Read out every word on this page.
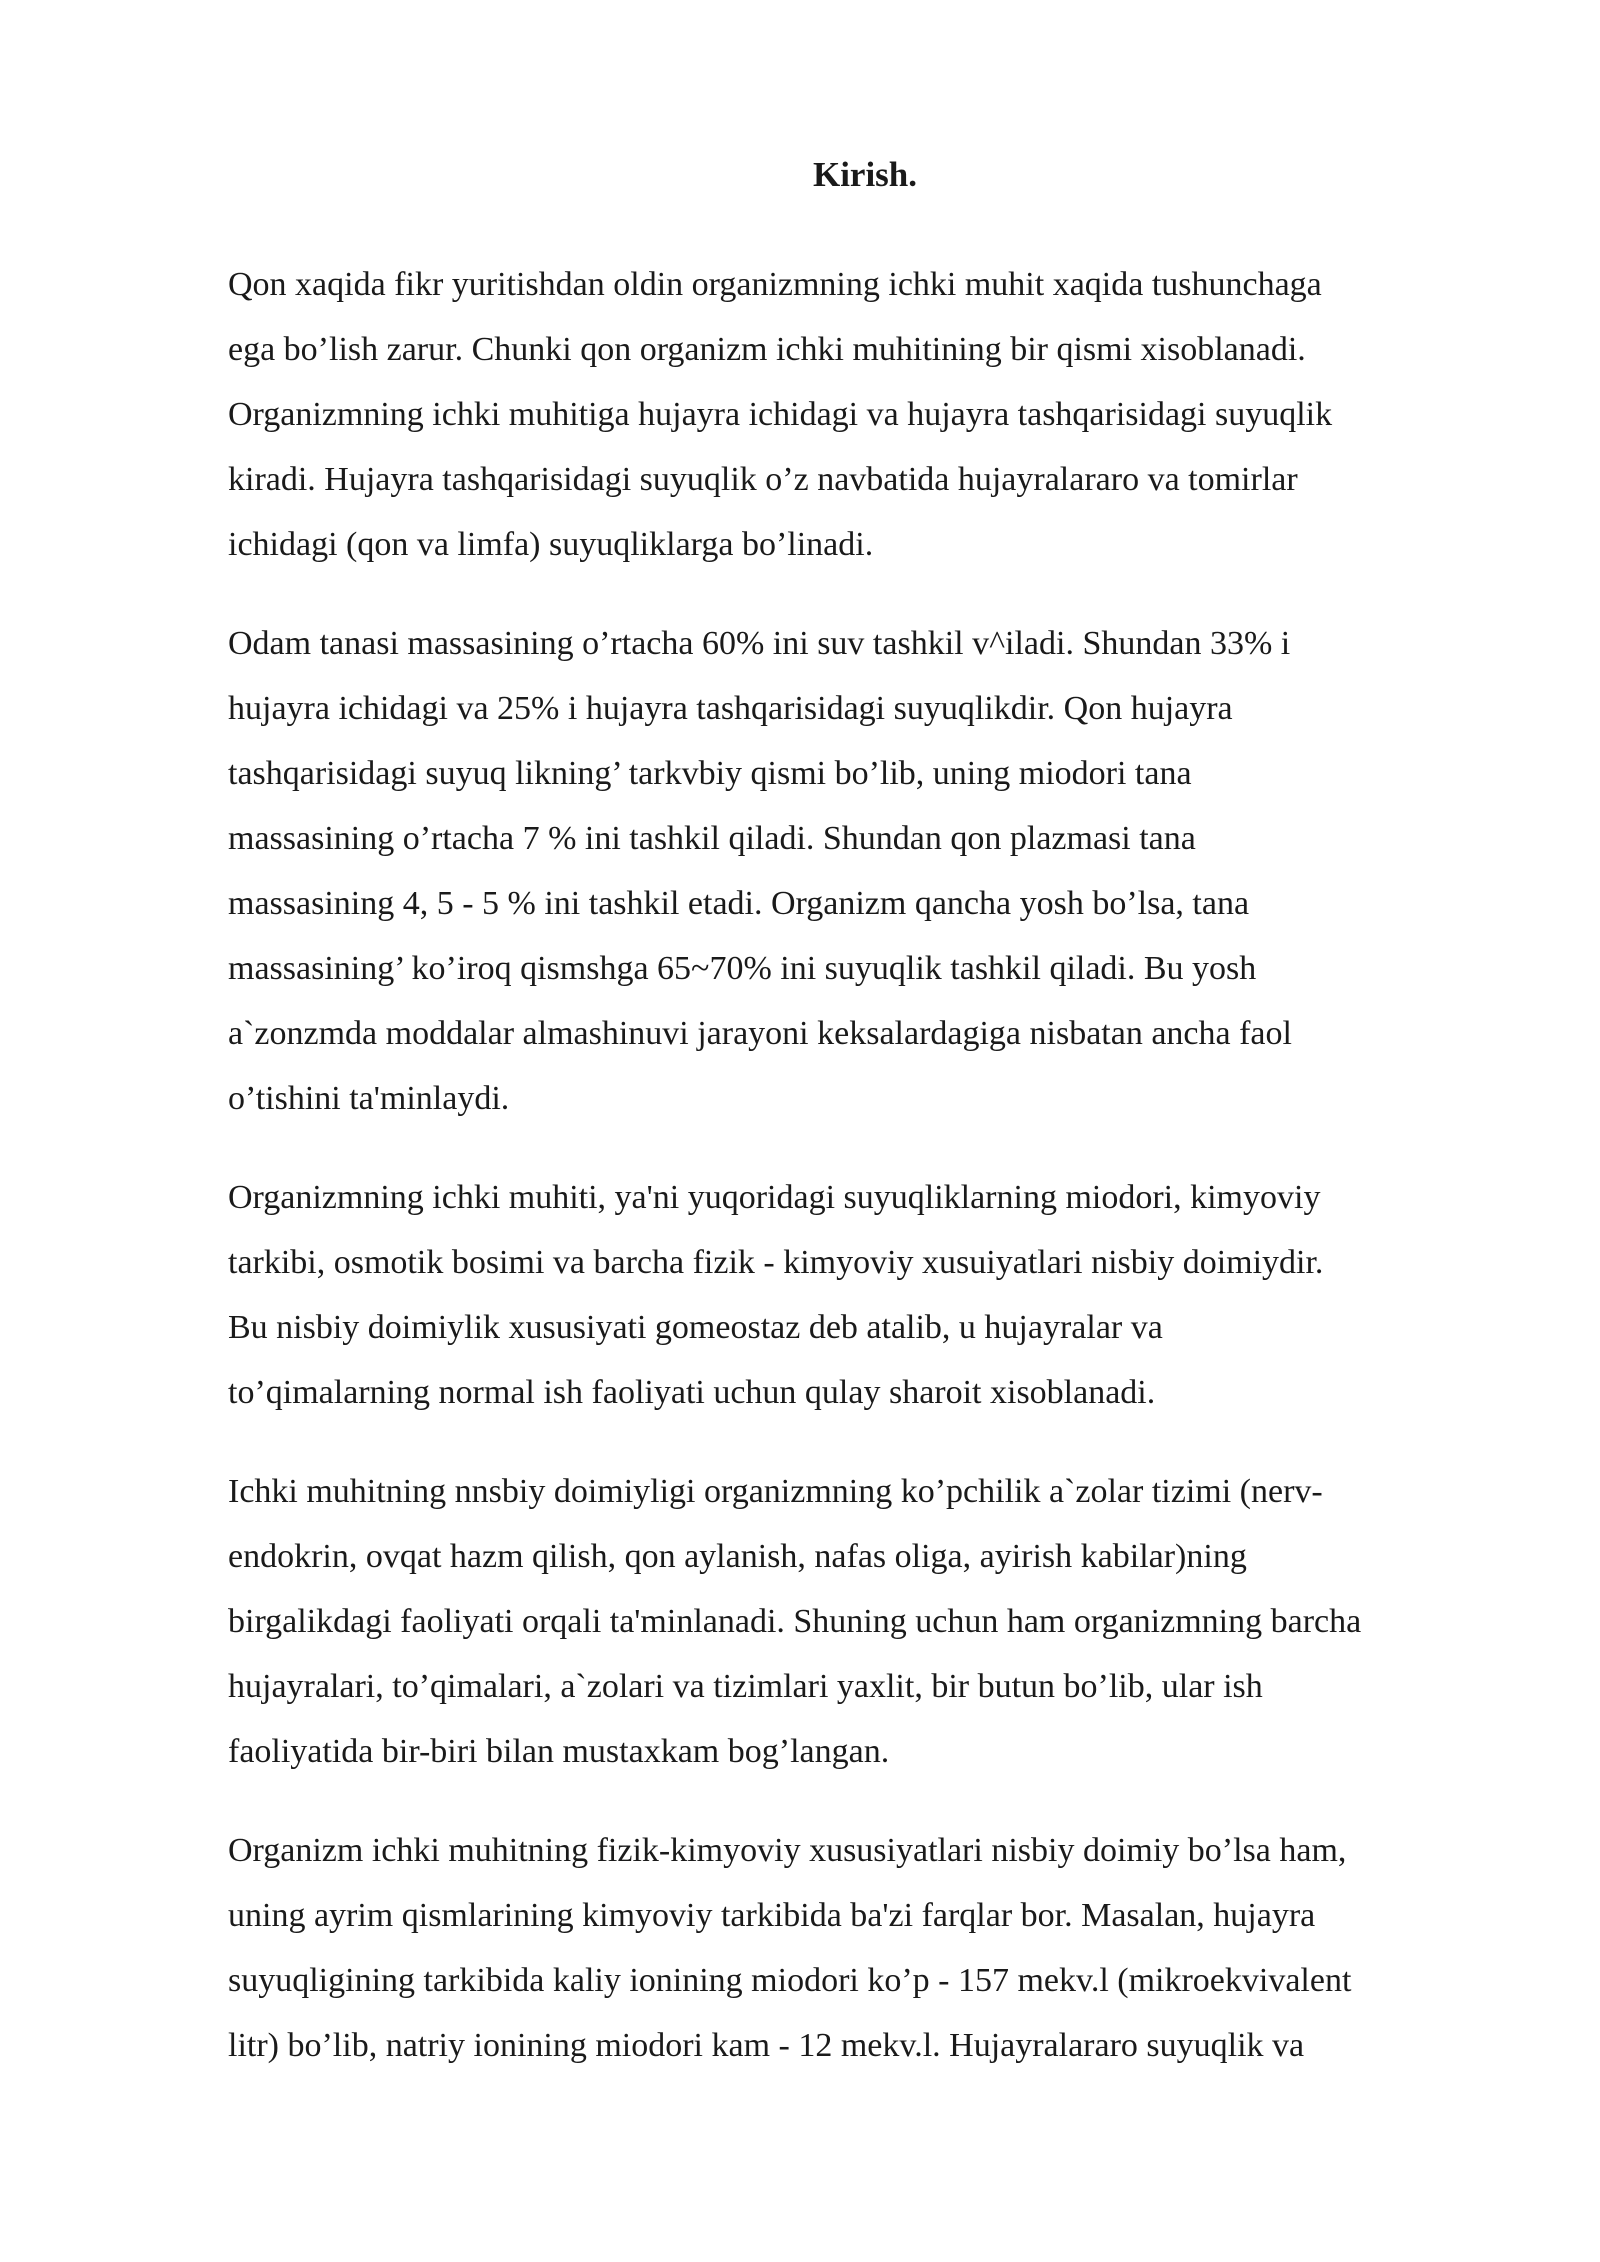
Kirish.

Qon xaqida fikr yuritishdan oldin organizmning ichki muhit xaqida tushunchaga
ega bo’lish zarur. Chunki qon organizm ichki muhitining bir qismi xisoblanadi.
Organizmning ichki muhitiga hujayra ichidagi va hujayra tashqarisidagi suyuqlik
kiradi. Hujayra tashqarisidagi suyuqlik o’z navbatida hujayralararo va tomirlar
ichidagi (qon va limfa) suyuqliklarga bo’linadi.

Odam tanasi massasining o’rtacha 60% ini suv tashkil v^iladi. Shundan 33% i
hujayra ichidagi va 25% i hujayra tashqarisidagi suyuqlikdir. Qon hujayra
tashqarisidagi suyuq likning’ tarkvbiy qismi bo’lib, uning miodori tana
massasining o’rtacha 7 % ini tashkil qiladi. Shundan qon plazmasi tana
massasining 4, 5 - 5 % ini tashkil etadi. Organizm qancha yosh bo’lsa, tana
massasining’ ko’iroq qismshga 65~70% ini suyuqlik tashkil qiladi. Bu yosh
a`zonzmda moddalar almashinuvi jarayoni keksalardagiga nisbatan ancha faol
o’tishini ta'minlaydi.

Organizmning ichki muhiti, ya'ni yuqoridagi suyuqliklarning miodori, kimyoviy
tarkibi, osmotik bosimi va barcha fizik - kimyoviy xusuiyatlari nisbiy doimiydir.
Bu nisbiy doimiylik xususiyati gomeostaz deb atalib, u hujayralar va
to’qimalarning normal ish faoliyati uchun qulay sharoit xisoblanadi.

Ichki muhitning nnsbiy doimiyligi organizmning ko’pchilik a`zolar tizimi (nerv-
endokrin, ovqat hazm qilish, qon aylanish, nafas oliga, ayirish kabilar)ning
birgalikdagi faoliyati orqali ta'minlanadi. Shuning uchun ham organizmning barcha
hujayralari, to’qimalari, a`zolari va tizimlari yaxlit, bir butun bo’lib, ular ish
faoliyatida bir-biri bilan mustaxkam bog’langan.

Organizm ichki muhitning fizik-kimyoviy xususiyatlari nisbiy doimiy bo’lsa ham,
uning ayrim qismlarining kimyoviy tarkibida ba'zi farqlar bor. Masalan, hujayra
suyuqligining tarkibida kaliy ionining miodori ko’p - 157 mekv.l (mikroekvivalent
litr) bo’lib, natriy ionining miodori kam - 12 mekv.l. Hujayralararo suyuqlik va
